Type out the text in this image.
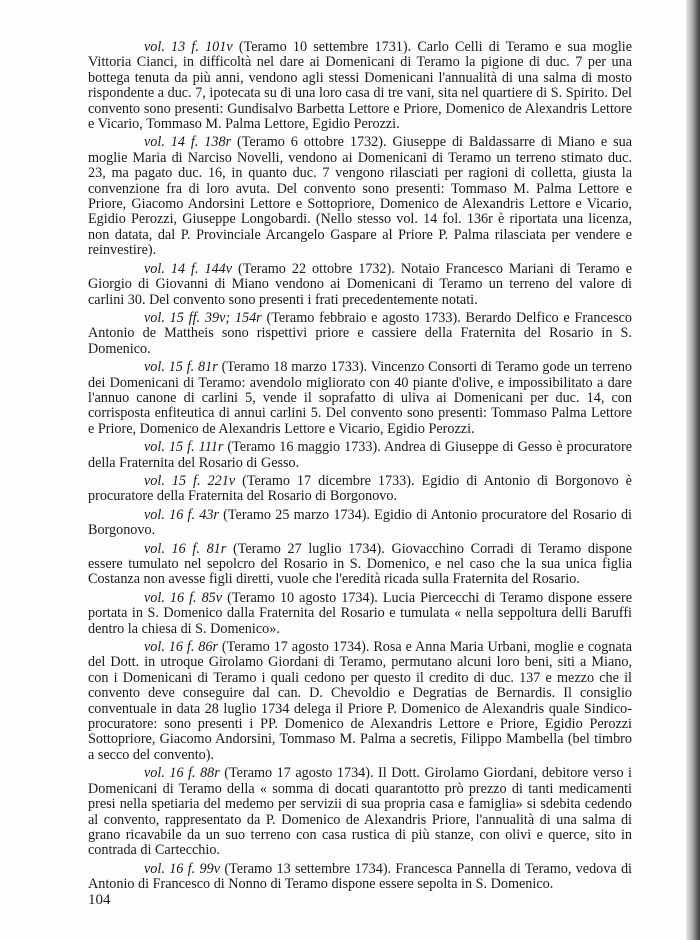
vol. 13 f. 101v (Teramo 10 settembre 1731). Carlo Celli di Teramo e sua moglie Vittoria Cianci, in difficoltà nel dare ai Domenicani di Teramo la pigione di duc. 7 per una bottega tenuta da più anni, vendono agli stessi Domenicani l'annualità di una salma di mosto rispondente a duc. 7, ipotecata su di una loro casa di tre vani, sita nel quartiere di S. Spirito. Del convento sono presenti: Gundisalvo Barbetta Lettore e Priore, Domenico de Alexandris Lettore e Vicario, Tommaso M. Palma Lettore, Egidio Perozzi.

vol. 14 f. 138r (Teramo 6 ottobre 1732). Giuseppe di Baldassarre di Miano e sua moglie Maria di Narciso Novelli, vendono ai Domenicani di Teramo un terreno stimato duc. 23, ma pagato duc. 16, in quanto duc. 7 vengono rilasciati per ragioni di colletta, giusta la convenzione fra di loro avuta. Del convento sono presenti: Tommaso M. Palma Lettore e Priore, Giacomo Andorsini Lettore e Sottopriore, Domenico de Alexandris Lettore e Vicario, Egidio Perozzi, Giuseppe Longobardi. (Nello stesso vol. 14 fol. 136r è riportata una licenza, non datata, dal P. Provinciale Arcangelo Gaspare al Priore P. Palma rilasciata per vendere e reinvestire).

vol. 14 f. 144v (Teramo 22 ottobre 1732). Notaio Francesco Mariani di Teramo e Giorgio di Giovanni di Miano vendono ai Domenicani di Teramo un terreno del valore di carlini 30. Del convento sono presenti i frati precedentemente notati.

vol. 15 ff. 39v; 154r (Teramo febbraio e agosto 1733). Berardo Delfico e Francesco Antonio de Mattheis sono rispettivi priore e cassiere della Fraternita del Rosario in S. Domenico.

vol. 15 f. 81r (Teramo 18 marzo 1733). Vincenzo Consorti di Teramo gode un terreno dei Domenicani di Teramo: avendolo migliorato con 40 piante d'olive, e impossibilitato a dare l'annuo canone di carlini 5, vende il soprafatto di uliva ai Domenicani per duc. 14, con corrisposta enfiteutica di annui carlini 5. Del convento sono presenti: Tommaso Palma Lettore e Priore, Domenico de Alexandris Lettore e Vicario, Egidio Perozzi.

vol. 15 f. 111r (Teramo 16 maggio 1733). Andrea di Giuseppe di Gesso è procuratore della Fraternita del Rosario di Gesso.

vol. 15 f. 221v (Teramo 17 dicembre 1733). Egidio di Antonio di Borgonovo è procuratore della Fraternita del Rosario di Borgonovo.

vol. 16 f. 43r (Teramo 25 marzo 1734). Egidio di Antonio procuratore del Rosario di Borgonovo.

vol. 16 f. 81r (Teramo 27 luglio 1734). Giovacchino Corradi di Teramo dispone essere tumulato nel sepolcro del Rosario in S. Domenico, e nel caso che la sua unica figlia Costanza non avesse figli diretti, vuole che l'eredità ricada sulla Fraternita del Rosario.

vol. 16 f. 85v (Teramo 10 agosto 1734). Lucia Piercecchi di Teramo dispone essere portata in S. Domenico dalla Fraternita del Rosario e tumulata « nella seppoltura delli Baruffi dentro la chiesa di S. Domenico».

vol. 16 f. 86r (Teramo 17 agosto 1734). Rosa e Anna Maria Urbani, moglie e cognata del Dott. in utroque Girolamo Giordani di Teramo, permutano alcuni loro beni, siti a Miano, con i Domenicani di Teramo i quali cedono per questo il credito di duc. 137 e mezzo che il convento deve conseguire dal can. D. Chevoldio e Degratias de Bernardis. Il consiglio conventuale in data 28 luglio 1734 delega il Priore P. Domenico de Alexandris quale Sindico-procuratore: sono presenti i PP. Domenico de Alexandris Lettore e Priore, Egidio Perozzi Sottopriore, Giacomo Andorsini, Tommaso M. Palma a secretis, Filippo Mambella (bel timbro a secco del convento).

vol. 16 f. 88r (Teramo 17 agosto 1734). Il Dott. Girolamo Giordani, debitore verso i Domenicani di Teramo della « somma di docati quarantotto prò prezzo di tanti medicamenti presi nella spetiaria del medemo per servizii di sua propria casa e famiglia» si sdebita cedendo al convento, rappresentato da P. Domenico de Alexandris Priore, l'annualità di una salma di grano ricavabile da un suo terreno con casa rustica di più stanze, con olivi e querce, sito in contrada di Cartecchio.

vol. 16 f. 99v (Teramo 13 settembre 1734). Francesca Pannella di Teramo, vedova di Antonio di Francesco di Nonno di Teramo dispone essere sepolta in S. Domenico.

104
